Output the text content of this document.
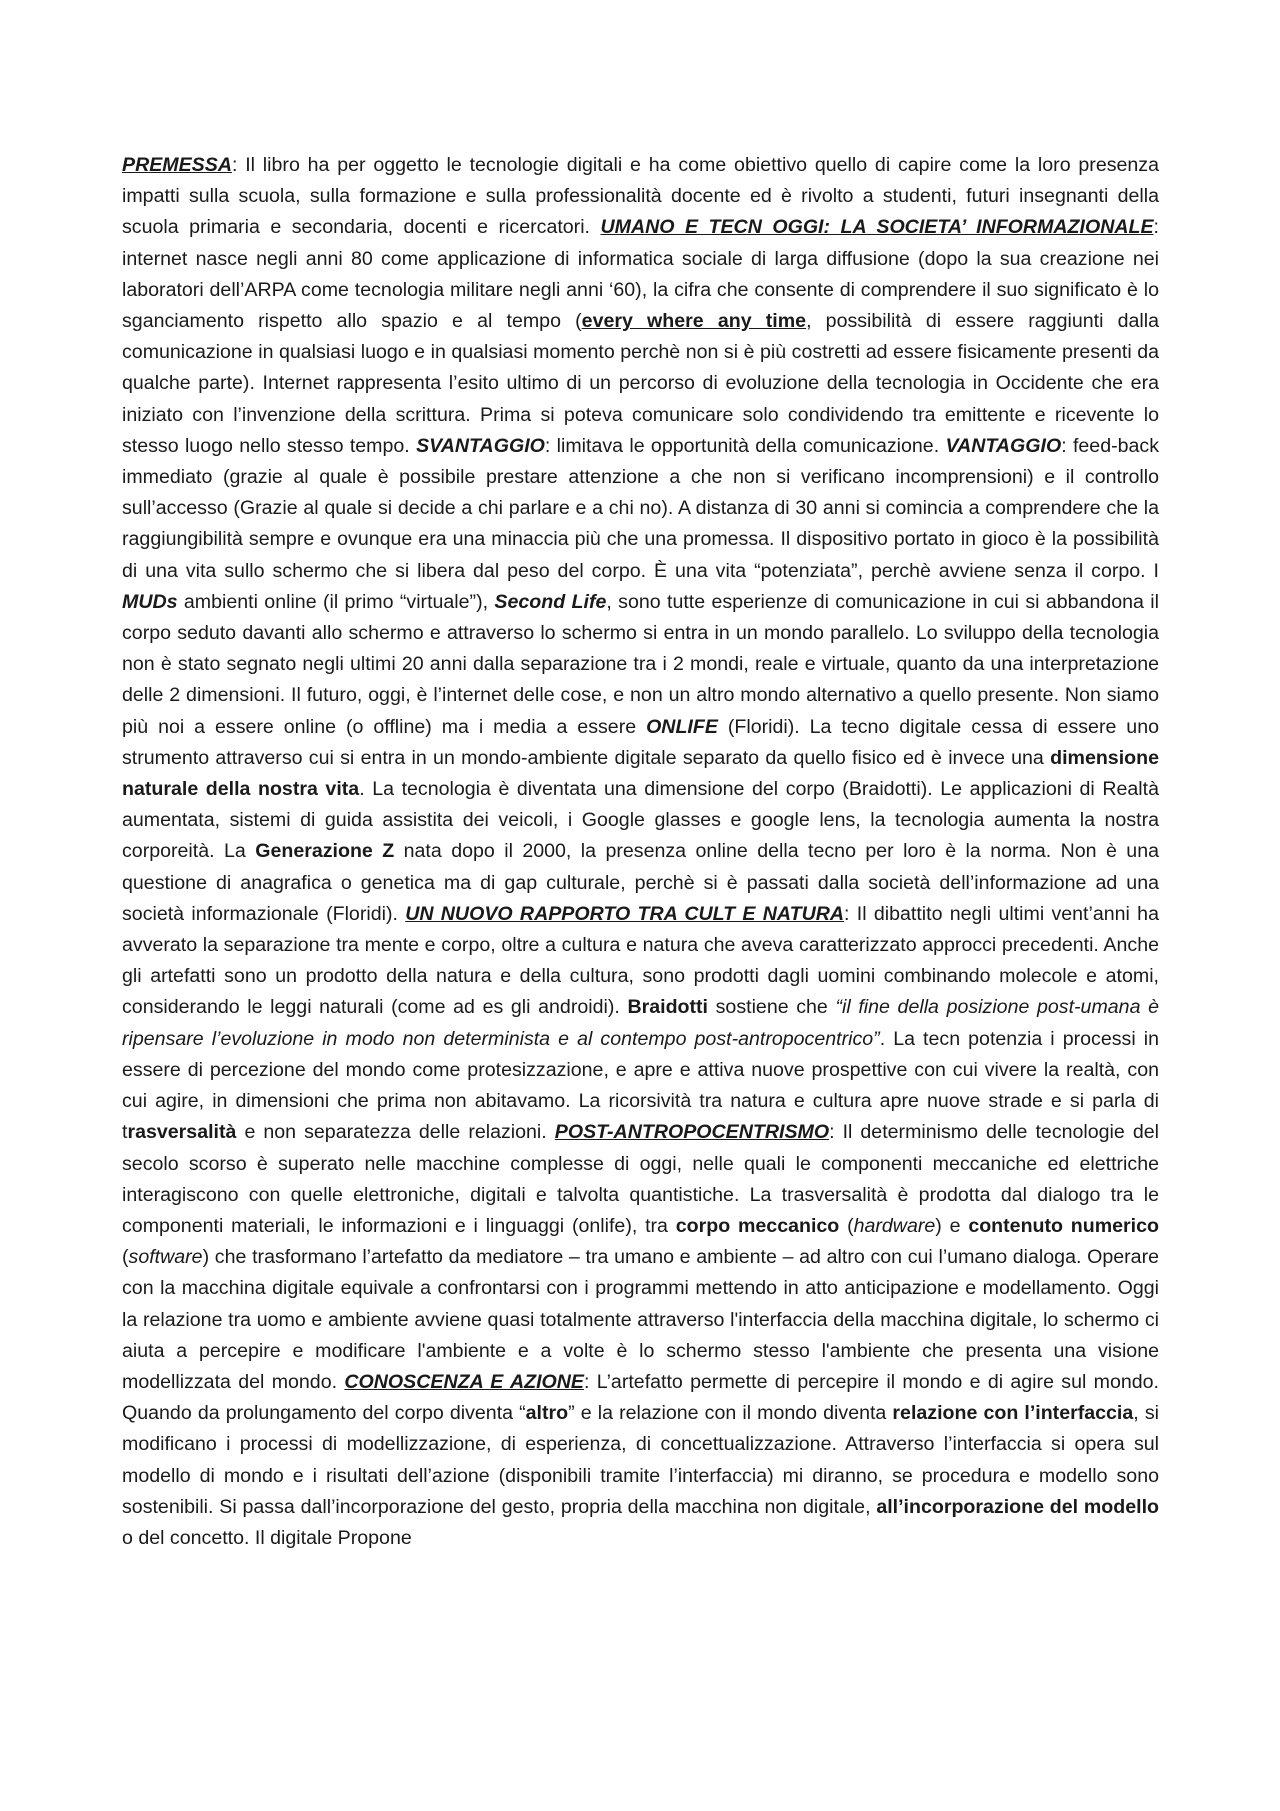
PREMESSA: Il libro ha per oggetto le tecnologie digitali e ha come obiettivo quello di capire come la loro presenza impatti sulla scuola, sulla formazione e sulla professionalità docente ed è rivolto a studenti, futuri insegnanti della scuola primaria e secondaria, docenti e ricercatori. UMANO E TECN OGGI: LA SOCIETA’ INFORMAZIONALE: internet nasce negli anni 80 come applicazione di informatica sociale di larga diffusione (dopo la sua creazione nei laboratori dell’ARPA come tecnologia militare negli anni ‘60), la cifra che consente di comprendere il suo significato è lo sganciamento rispetto allo spazio e al tempo (every where any time, possibilità di essere raggiunti dalla comunicazione in qualsiasi luogo e in qualsiasi momento perchè non si è più costretti ad essere fisicamente presenti da qualche parte). Internet rappresenta l’esito ultimo di un percorso di evoluzione della tecnologia in Occidente che era iniziato con l’invenzione della scrittura. Prima si poteva comunicare solo condividendo tra emittente e ricevente lo stesso luogo nello stesso tempo. SVANTAGGIO: limitava le opportunità della comunicazione. VANTAGGIO: feed-back immediato (grazie al quale è possibile prestare attenzione a che non si verificano incomprensioni) e il controllo sull’accesso (Grazie al quale si decide a chi parlare e a chi no). A distanza di 30 anni si comincia a comprendere che la raggiungibilità sempre e ovunque era una minaccia più che una promessa. Il dispositivo portato in gioco è la possibilità di una vita sullo schermo che si libera dal peso del corpo. È una vita “potenziata”, perchè avviene senza il corpo. I MUDs ambienti online (il primo “virtuale”), Second Life, sono tutte esperienze di comunicazione in cui si abbandona il corpo seduto davanti allo schermo e attraverso lo schermo si entra in un mondo parallelo. Lo sviluppo della tecnologia non è stato segnato negli ultimi 20 anni dalla separazione tra i 2 mondi, reale e virtuale, quanto da una interpretazione delle 2 dimensioni. Il futuro, oggi, è l’internet delle cose, e non un altro mondo alternativo a quello presente. Non siamo più noi a essere online (o offline) ma i media a essere ONLIFE (Floridi). La tecno digitale cessa di essere uno strumento attraverso cui si entra in un mondo-ambiente digitale separato da quello fisico ed è invece una dimensione naturale della nostra vita. La tecnologia è diventata una dimensione del corpo (Braidotti). Le applicazioni di Realtà aumentata, sistemi di guida assistita dei veicoli, i Google glasses e google lens, la tecnologia aumenta la nostra corporeità. La Generazione Z nata dopo il 2000, la presenza online della tecno per loro è la norma. Non è una questione di anagrafica o genetica ma di gap culturale, perchè si è passati dalla società dell’informazione ad una società informazionale (Floridi). UN NUOVO RAPPORTO TRA CULT E NATURA: Il dibattito negli ultimi vent’anni ha avverato la separazione tra mente e corpo, oltre a cultura e natura che aveva caratterizzato approcci precedenti. Anche gli artefatti sono un prodotto della natura e della cultura, sono prodotti dagli uomini combinando molecole e atomi, considerando le leggi naturali (come ad es gli androidi). Braidotti sostiene che “il fine della posizione post-umana è ripensare l’evoluzione in modo non determinista e al contempo post-antropocentrico”. La tecn potenzia i processi in essere di percezione del mondo come protesizzazione, e apre e attiva nuove prospettive con cui vivere la realtà, con cui agire, in dimensioni che prima non abitavamo. La ricorsività tra natura e cultura apre nuove strade e si parla di trasversalità e non separatezza delle relazioni. POST-ANTROPOCENTRISMO: Il determinismo delle tecnologie del secolo scorso è superato nelle macchine complesse di oggi, nelle quali le componenti meccaniche ed elettriche interagiscono con quelle elettroniche, digitali e talvolta quantistiche. La trasversalità è prodotta dal dialogo tra le componenti materiali, le informazioni e i linguaggi (onlife), tra corpo meccanico (hardware) e contenuto numerico (software) che trasformano l’artefatto da mediatore – tra umano e ambiente – ad altro con cui l’umano dialoga. Operare con la macchina digitale equivale a confrontarsi con i programmi mettendo in atto anticipazione e modellamento. Oggi la relazione tra uomo e ambiente avviene quasi totalmente attraverso l'interfaccia della macchina digitale, lo schermo ci aiuta a percepire e modificare l'ambiente e a volte è lo schermo stesso l'ambiente che presenta una visione modellizzata del mondo. CONOSCENZA E AZIONE: L’artefatto permette di percepire il mondo e di agire sul mondo. Quando da prolungamento del corpo diventa “altro” e la relazione con il mondo diventa relazione con l’interfaccia, si modificano i processi di modellizzazione, di esperienza, di concettualizzazione. Attraverso l’interfaccia si opera sul modello di mondo e i risultati dell’azione (disponibili tramite l’interfaccia) mi diranno, se procedura e modello sono sostenibili. Si passa dall’incorporazione del gesto, propria della macchina non digitale, all’incorporazione del modello o del concetto. Il digitale Propone
